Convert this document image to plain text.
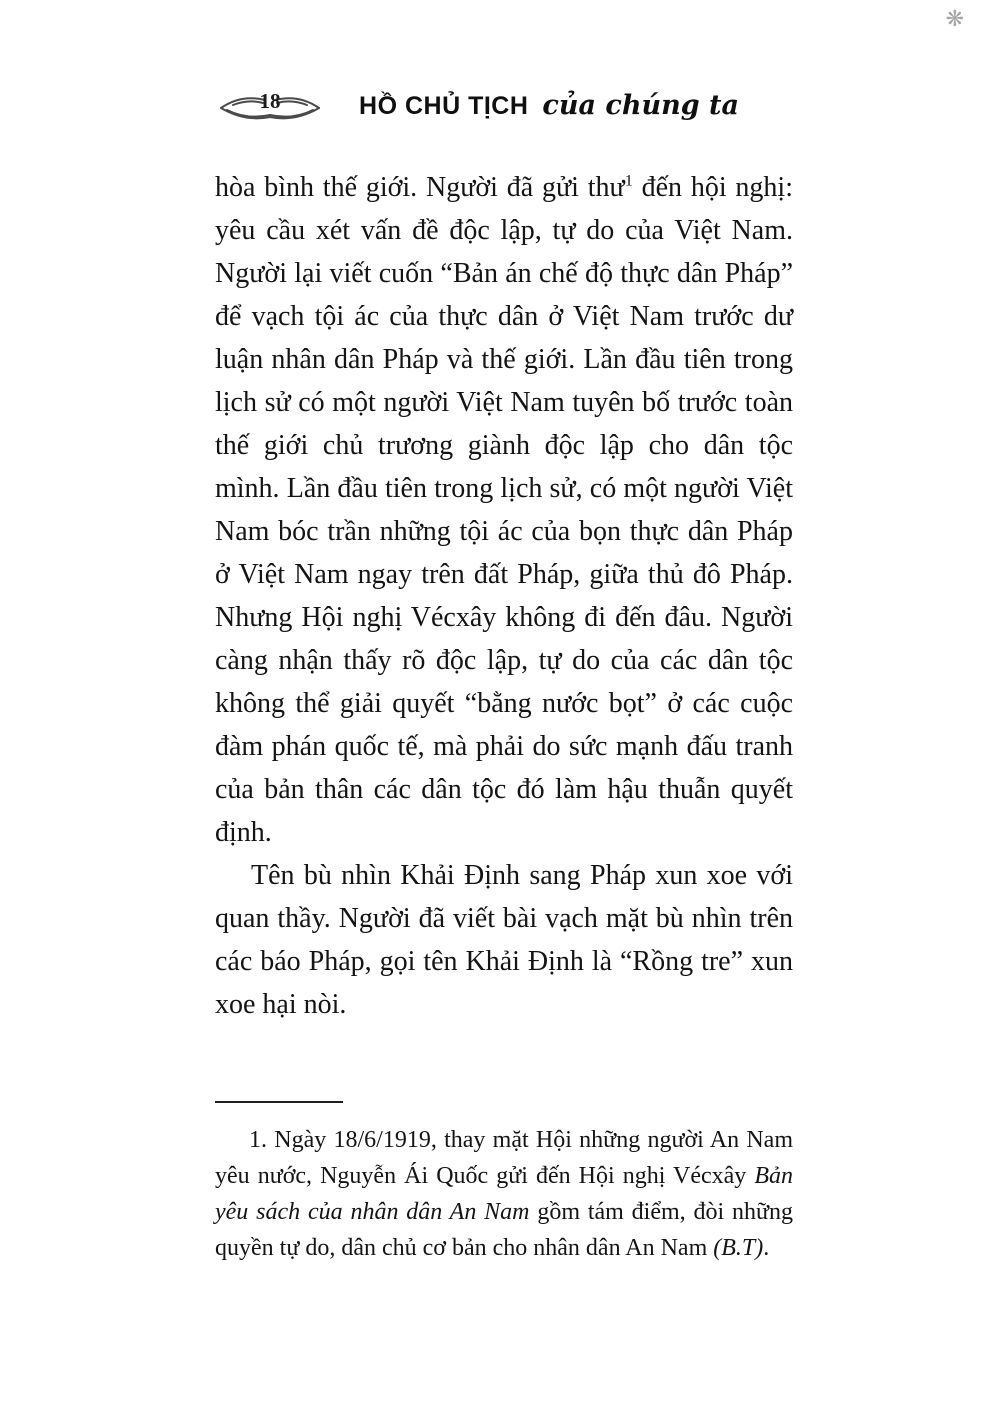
❋
18	HỒ CHỦ TỊCH của chúng ta

hòa bình thế giới. Người đã gửi thư$^1$ đến hội nghị: yêu cầu xét vấn đề độc lập, tự do của Việt Nam. Người lại viết cuốn “Bản án chế độ thực dân Pháp” để vạch tội ác của thực dân ở Việt Nam trước dư luận nhân dân Pháp và thế giới. Lần đầu tiên trong lịch sử có một người Việt Nam tuyên bố trước toàn thế giới chủ trương giành độc lập cho dân tộc mình. Lần đầu tiên trong lịch sử, có một người Việt Nam bóc trần những tội ác của bọn thực dân Pháp ở Việt Nam ngay trên đất Pháp, giữa thủ đô Pháp. Nhưng Hội nghị Vécxây không đi đến đâu. Người càng nhận thấy rõ độc lập, tự do của các dân tộc không thể giải quyết “bằng nước bọt” ở các cuộc đàm phán quốc tế, mà phải do sức mạnh đấu tranh của bản thân các dân tộc đó làm hậu thuẫn quyết định.

Tên bù nhìn Khải Định sang Pháp xun xoe với quan thầy. Người đã viết bài vạch mặt bù nhìn trên các báo Pháp, gọi tên Khải Định là “Rồng tre” xun xoe hại nòi.

1. Ngày 18/6/1919, thay mặt Hội những người An Nam yêu nước, Nguyễn Ái Quốc gửi đến Hội nghị Vécxây Bản yêu sách của nhân dân An Nam gồm tám điểm, đòi những quyền tự do, dân chủ cơ bản cho nhân dân An Nam (B.T).
